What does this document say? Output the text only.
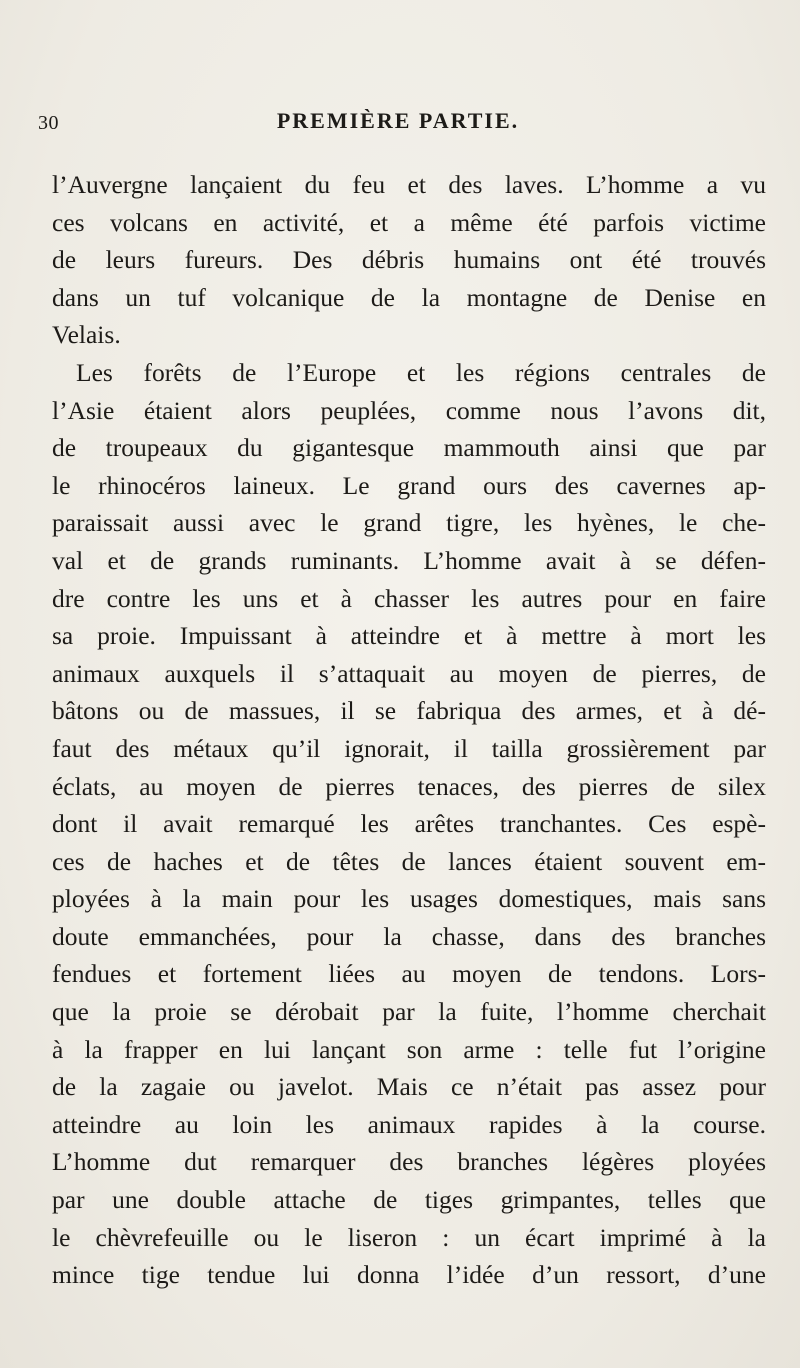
30	PREMIÈRE PARTIE.
l’Auvergne lançaient du feu et des laves. L’homme a vu
ces volcans en activité, et a même été parfois victime
de leurs fureurs. Des débris humains ont été trouvés
dans un tuf volcanique de la montagne de Denise en
Velais.
Les forêts de l’Europe et les régions centrales de
l’Asie étaient alors peuplées, comme nous l’avons dit,
de troupeaux du gigantesque mammouth ainsi que par
le rhinocéros laineux. Le grand ours des cavernes ap-
paraissait aussi avec le grand tigre, les hyènes, le che-
val et de grands ruminants. L’homme avait à se défen-
dre contre les uns et à chasser les autres pour en faire
sa proie. Impuissant à atteindre et à mettre à mort les
animaux auxquels il s’attaquait au moyen de pierres, de
bâtons ou de massues, il se fabriqua des armes, et à dé-
faut des métaux qu’il ignorait, il tailla grossièrement par
éclats, au moyen de pierres tenaces, des pierres de silex
dont il avait remarqué les arêtes tranchantes. Ces espè-
ces de haches et de têtes de lances étaient souvent em-
ployées à la main pour les usages domestiques, mais sans
doute emmanchées, pour la chasse, dans des branches
fendues et fortement liées au moyen de tendons. Lors-
que la proie se dérobait par la fuite, l’homme cherchait
à la frapper en lui lançant son arme : telle fut l’origine
de la zagaie ou javelot. Mais ce n’était pas assez pour
atteindre au loin les animaux rapides à la course.
L’homme dut remarquer des branches légères ployées
par une double attache de tiges grimpantes, telles que
le chèvrefeuille ou le liseron : un écart imprimé à la
mince tige tendue lui donna l’idée d’un ressort, d’une
